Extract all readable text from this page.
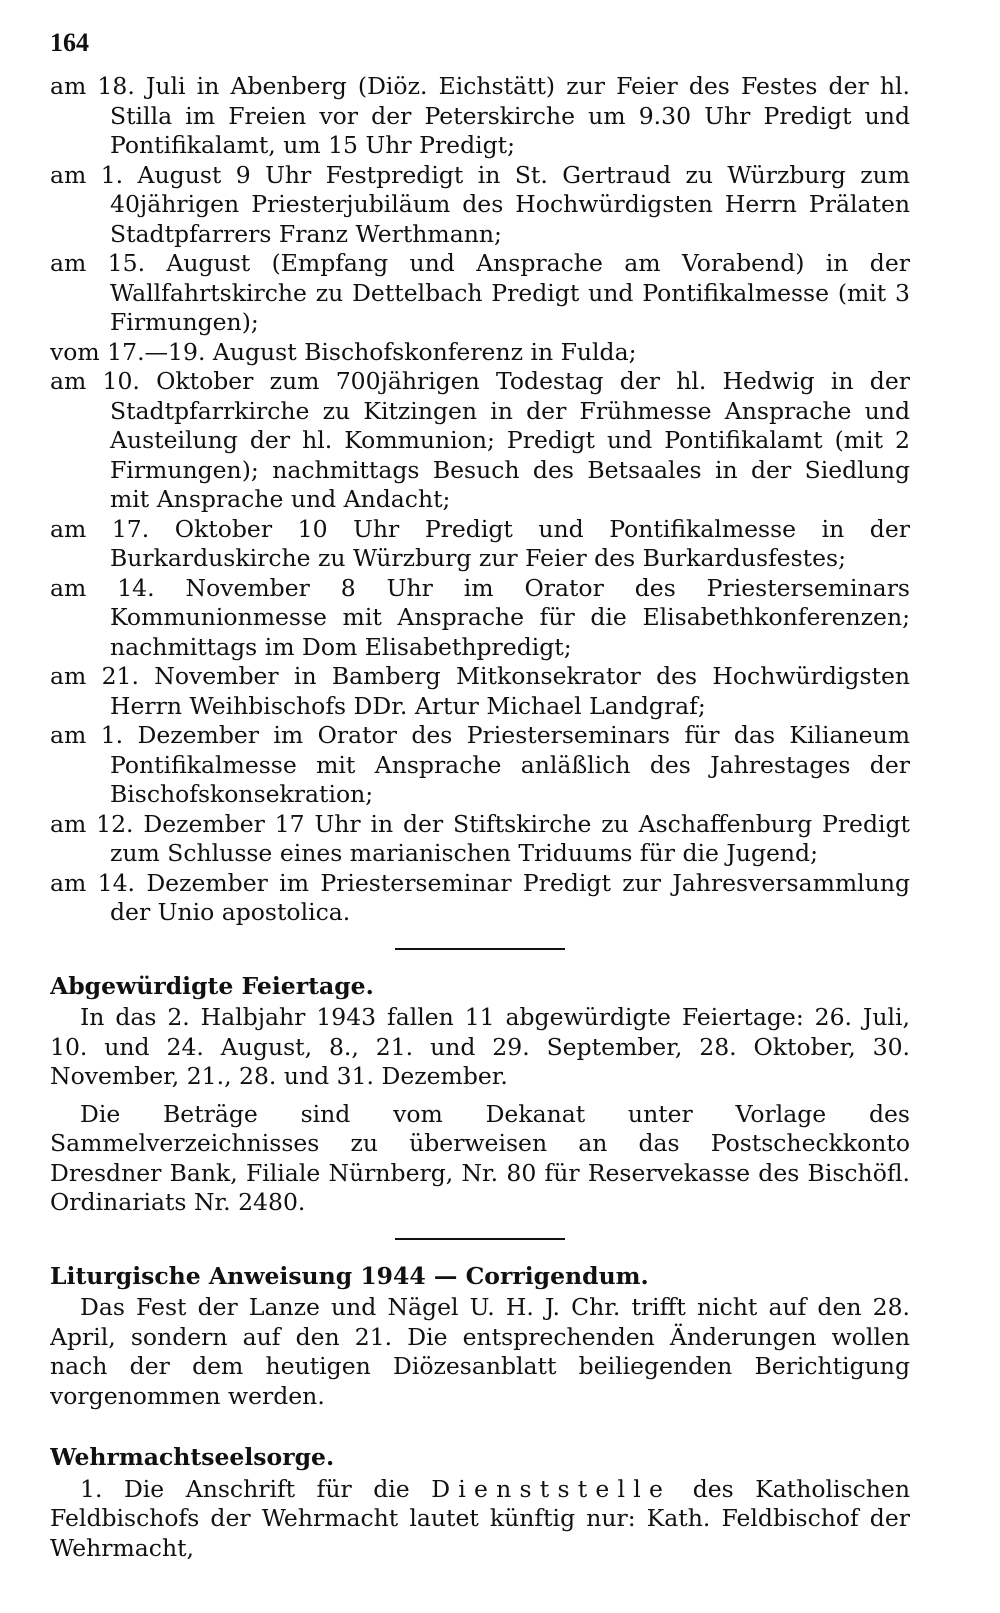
164

am 18. Juli in Abenberg (Diöz. Eichstätt) zur Feier des Festes der hl. Stilla im Freien vor der Peterskirche um 9.30 Uhr Predigt und Pontifikalamt, um 15 Uhr Predigt;

am 1. August 9 Uhr Festpredigt in St. Gertraud zu Würzburg zum 40jährigen Priesterjubiläum des Hochwürdigsten Herrn Prälaten Stadtpfarrers Franz Werthmann;

am 15. August (Empfang und Ansprache am Vorabend) in der Wallfahrtskirche zu Dettelbach Predigt und Pontifikalmesse (mit 3 Firmungen);

vom 17.—19. August Bischofskonferenz in Fulda;

am 10. Oktober zum 700jährigen Todestag der hl. Hedwig in der Stadtpfarrkirche zu Kitzingen in der Frühmesse Ansprache und Austeilung der hl. Kommunion; Predigt und Pontifikalamt (mit 2 Firmungen); nachmittags Besuch des Betsaales in der Siedlung mit Ansprache und Andacht;

am 17. Oktober 10 Uhr Predigt und Pontifikalmesse in der Burkarduskirche zu Würzburg zur Feier des Burkardusfestes;

am 14. November 8 Uhr im Orator des Priesterseminars Kommunionmesse mit Ansprache für die Elisabethkonferenzen; nachmittags im Dom Elisabethpredigt;

am 21. November in Bamberg Mitkonsekrator des Hochwürdigsten Herrn Weihbischofs DDr. Artur Michael Landgraf;

am 1. Dezember im Orator des Priesterseminars für das Kilianeum Pontifikalmesse mit Ansprache anläßlich des Jahrestages der Bischofskonsekration;

am 12. Dezember 17 Uhr in der Stiftskirche zu Aschaffenburg Predigt zum Schlusse eines marianischen Triduums für die Jugend;

am 14. Dezember im Priesterseminar Predigt zur Jahresversammlung der Unio apostolica.

Abgewürdigte Feiertage.

In das 2. Halbjahr 1943 fallen 11 abgewürdigte Feiertage: 26. Juli, 10. und 24. August, 8., 21. und 29. September, 28. Oktober, 30. November, 21., 28. und 31. Dezember.

Die Beträge sind vom Dekanat unter Vorlage des Sammelverzeichnisses zu überweisen an das Postscheckkonto Dresdner Bank, Filiale Nürnberg, Nr. 80 für Reservekasse des Bischöfl. Ordinariats Nr. 2480.

Liturgische Anweisung 1944 — Corrigendum.

Das Fest der Lanze und Nägel U. H. J. Chr. trifft nicht auf den 28. April, sondern auf den 21. Die entsprechenden Änderungen wollen nach der dem heutigen Diözesanblatt beiliegenden Berichtigung vorgenommen werden.

Wehrmachtseelsorge.

1. Die Anschrift für die Dienststelle des Katholischen Feldbischofs der Wehrmacht lautet künftig nur: Kath. Feldbischof der Wehrmacht,
